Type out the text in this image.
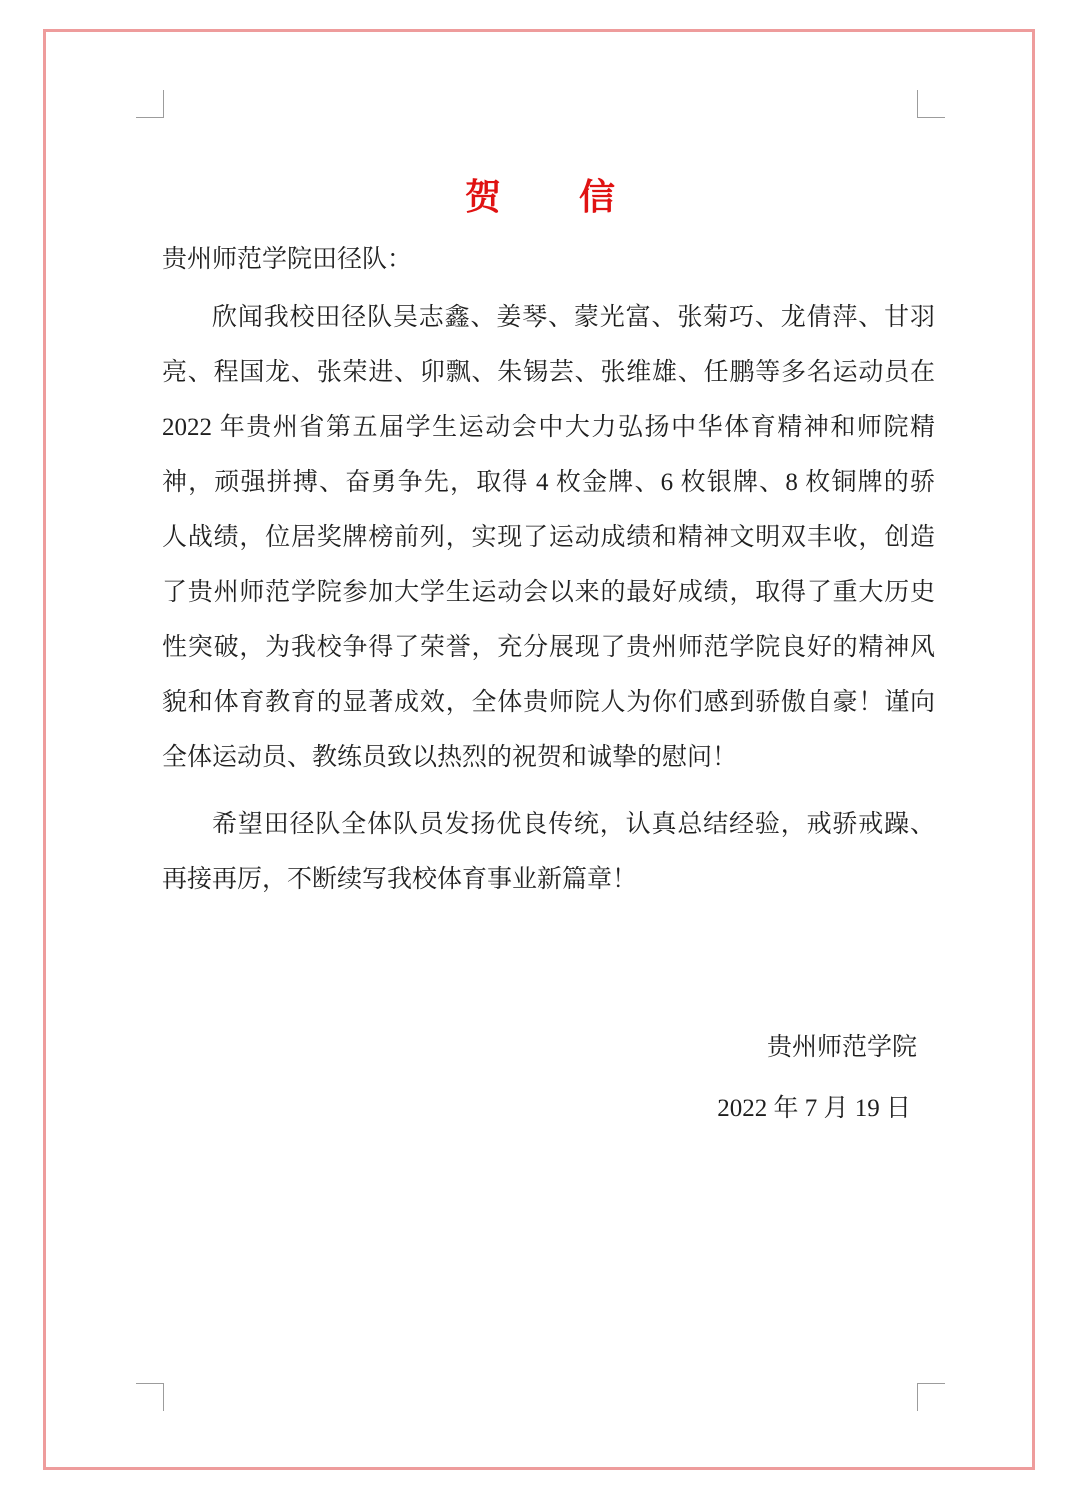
贺 信
贵州师范学院田径队：
欣闻我校田径队吴志鑫、姜琴、蒙光富、张菊巧、龙倩萍、甘羽
亮、程国龙、张荣进、卯飘、朱锡芸、张维雄、任鹏等多名运动员在
2022 年贵州省第五届学生运动会中大力弘扬中华体育精神和师院精
神，顽强拼搏、奋勇争先，取得 4 枚金牌、6 枚银牌、8 枚铜牌的骄
人战绩，位居奖牌榜前列，实现了运动成绩和精神文明双丰收，创造
了贵州师范学院参加大学生运动会以来的最好成绩，取得了重大历史
性突破，为我校争得了荣誉，充分展现了贵州师范学院良好的精神风
貌和体育教育的显著成效，全体贵师院人为你们感到骄傲自豪！谨向
全体运动员、教练员致以热烈的祝贺和诚挚的慰问！
希望田径队全体队员发扬优良传统，认真总结经验，戒骄戒躁、
再接再厉，不断续写我校体育事业新篇章！
贵州师范学院
2022 年 7 月 19 日
